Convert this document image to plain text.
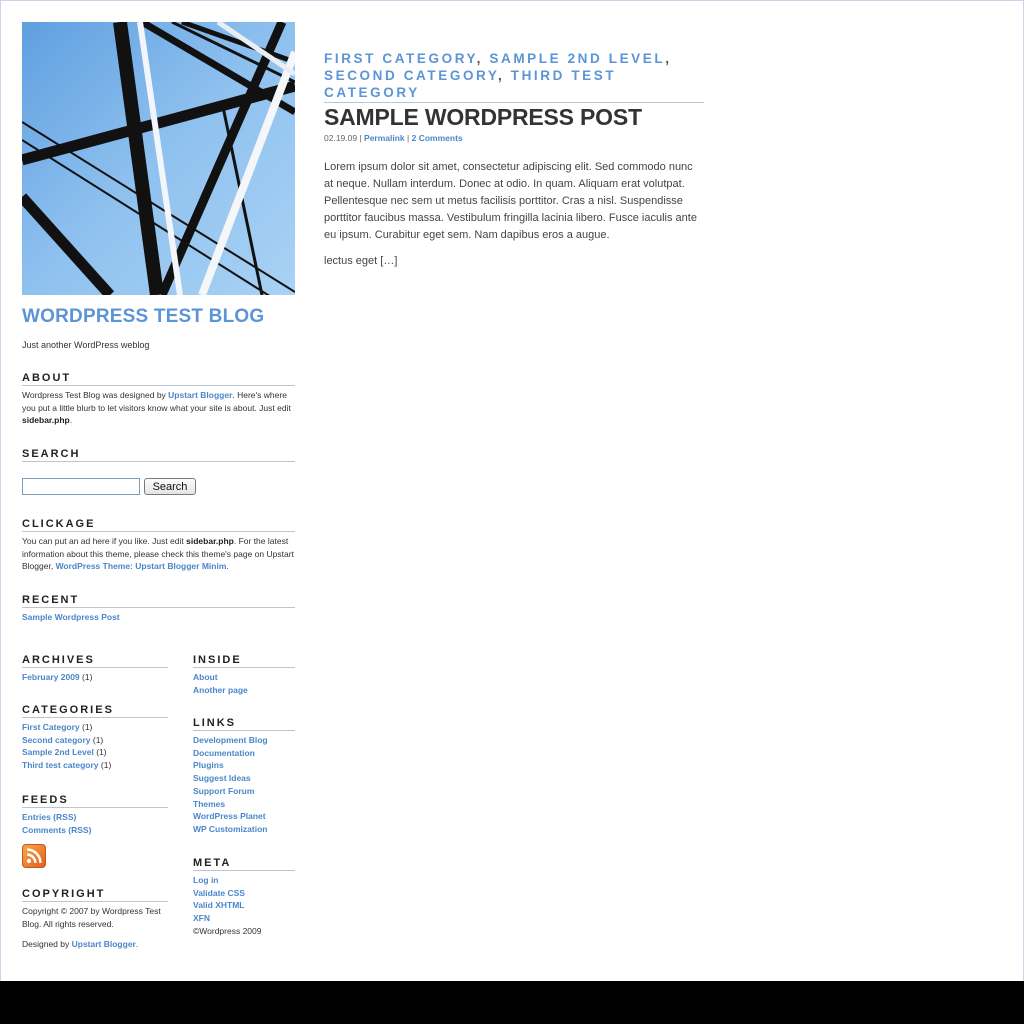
WORDPRESS TEST BLOG
Just another WordPress weblog
ABOUT
Wordpress Test Blog was designed by Upstart Blogger. Here's where you put a little blurb to let visitors know what your site is about. Just edit sidebar.php.
SEARCH
Search
CLICKAGE
You can put an ad here if you like. Just edit sidebar.php. For the latest information about this theme, please check this theme's page on Upstart Blogger, WordPress Theme: Upstart Blogger Minim.
RECENT
Sample Wordpress Post
ARCHIVES
February 2009 (1)
CATEGORIES
First Category (1)
Second category (1)
Sample 2nd Level (1)
Third test category (1)
FEEDS
Entries (RSS)
Comments (RSS)
COPYRIGHT
Copyright © 2007 by Wordpress Test Blog. All rights reserved.
Designed by Upstart Blogger.
INSIDE
About
Another page
LINKS
Development Blog
Documentation
Plugins
Suggest Ideas
Support Forum
Themes
WordPress Planet
WP Customization
META
Log in
Validate CSS
Valid XHTML
XFN
©Wordpress 2009
FIRST CATEGORY, SAMPLE 2ND LEVEL, SECOND CATEGORY, THIRD TEST CATEGORY
SAMPLE WORDPRESS POST
02.19.09 | Permalink | 2 Comments
Lorem ipsum dolor sit amet, consectetur adipiscing elit. Sed commodo nunc at neque. Nullam interdum. Donec at odio. In quam. Aliquam erat volutpat. Pellentesque nec sem ut metus facilisis porttitor. Cras a nisl. Suspendisse porttitor faucibus massa. Vestibulum fringilla lacinia libero. Fusce iaculis ante eu ipsum. Curabitur eget sem. Nam dapibus eros a augue.
lectus eget […]
